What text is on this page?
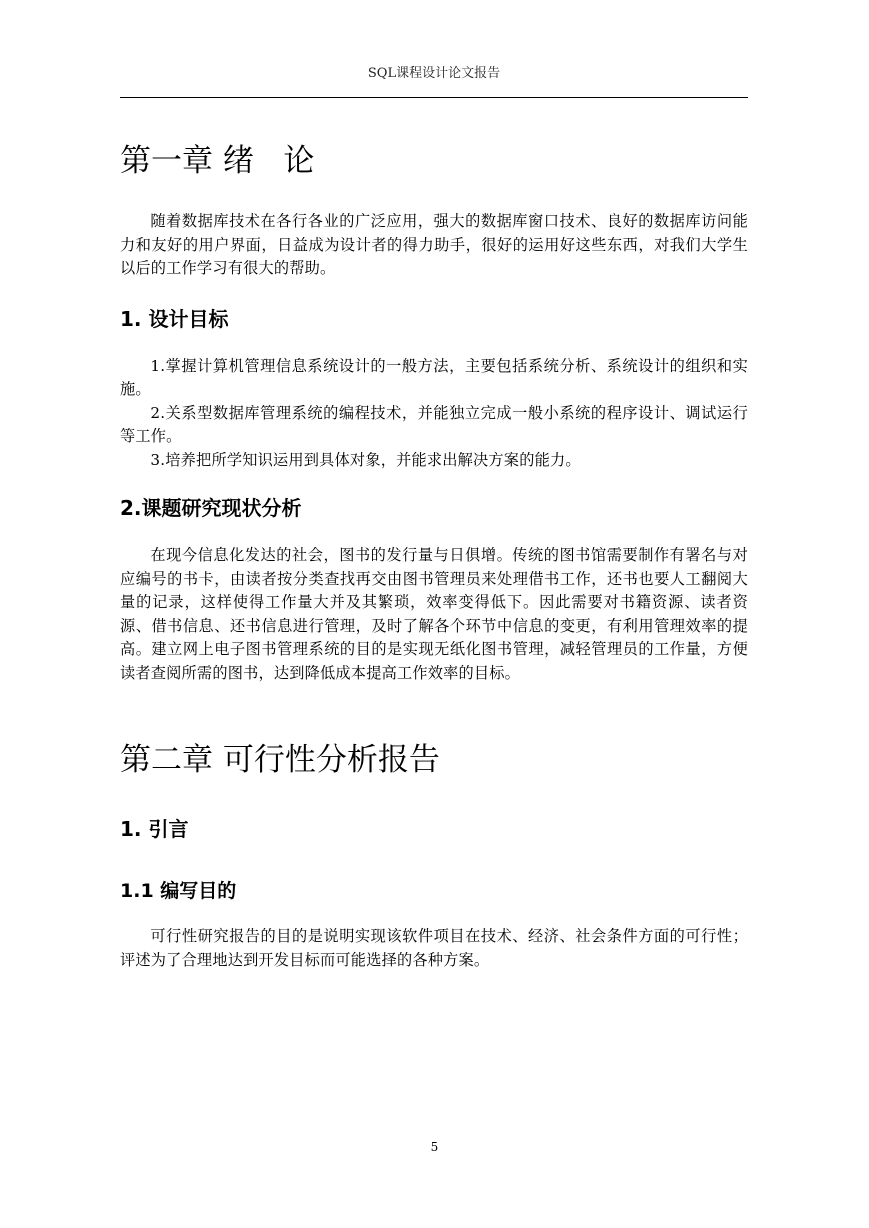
SQL课程设计论文报告
第一章 绪   论

随着数据库技术在各行各业的广泛应用，强大的数据库窗口技术、良好的数据库访问能力和友好的用户界面，日益成为设计者的得力助手，很好的运用好这些东西，对我们大学生以后的工作学习有很大的帮助。

1. 设计目标

1.掌握计算机管理信息系统设计的一般方法，主要包括系统分析、系统设计的组织和实施。

2.关系型数据库管理系统的编程技术，并能独立完成一般小系统的程序设计、调试运行等工作。

3.培养把所学知识运用到具体对象，并能求出解决方案的能力。

2.课题研究现状分析

在现今信息化发达的社会，图书的发行量与日俱增。传统的图书馆需要制作有署名与对应编号的书卡，由读者按分类查找再交由图书管理员来处理借书工作，还书也要人工翻阅大量的记录，这样使得工作量大并及其繁琐，效率变得低下。因此需要对书籍资源、读者资源、借书信息、还书信息进行管理，及时了解各个环节中信息的变更，有利用管理效率的提高。建立网上电子图书管理系统的目的是实现无纸化图书管理，减轻管理员的工作量，方便读者查阅所需的图书，达到降低成本提高工作效率的目标。

第二章 可行性分析报告
1. 引言
1.1 编写目的

可行性研究报告的目的是说明实现该软件项目在技术、经济、社会条件方面的可行性；评述为了合理地达到开发目标而可能选择的各种方案。

5
